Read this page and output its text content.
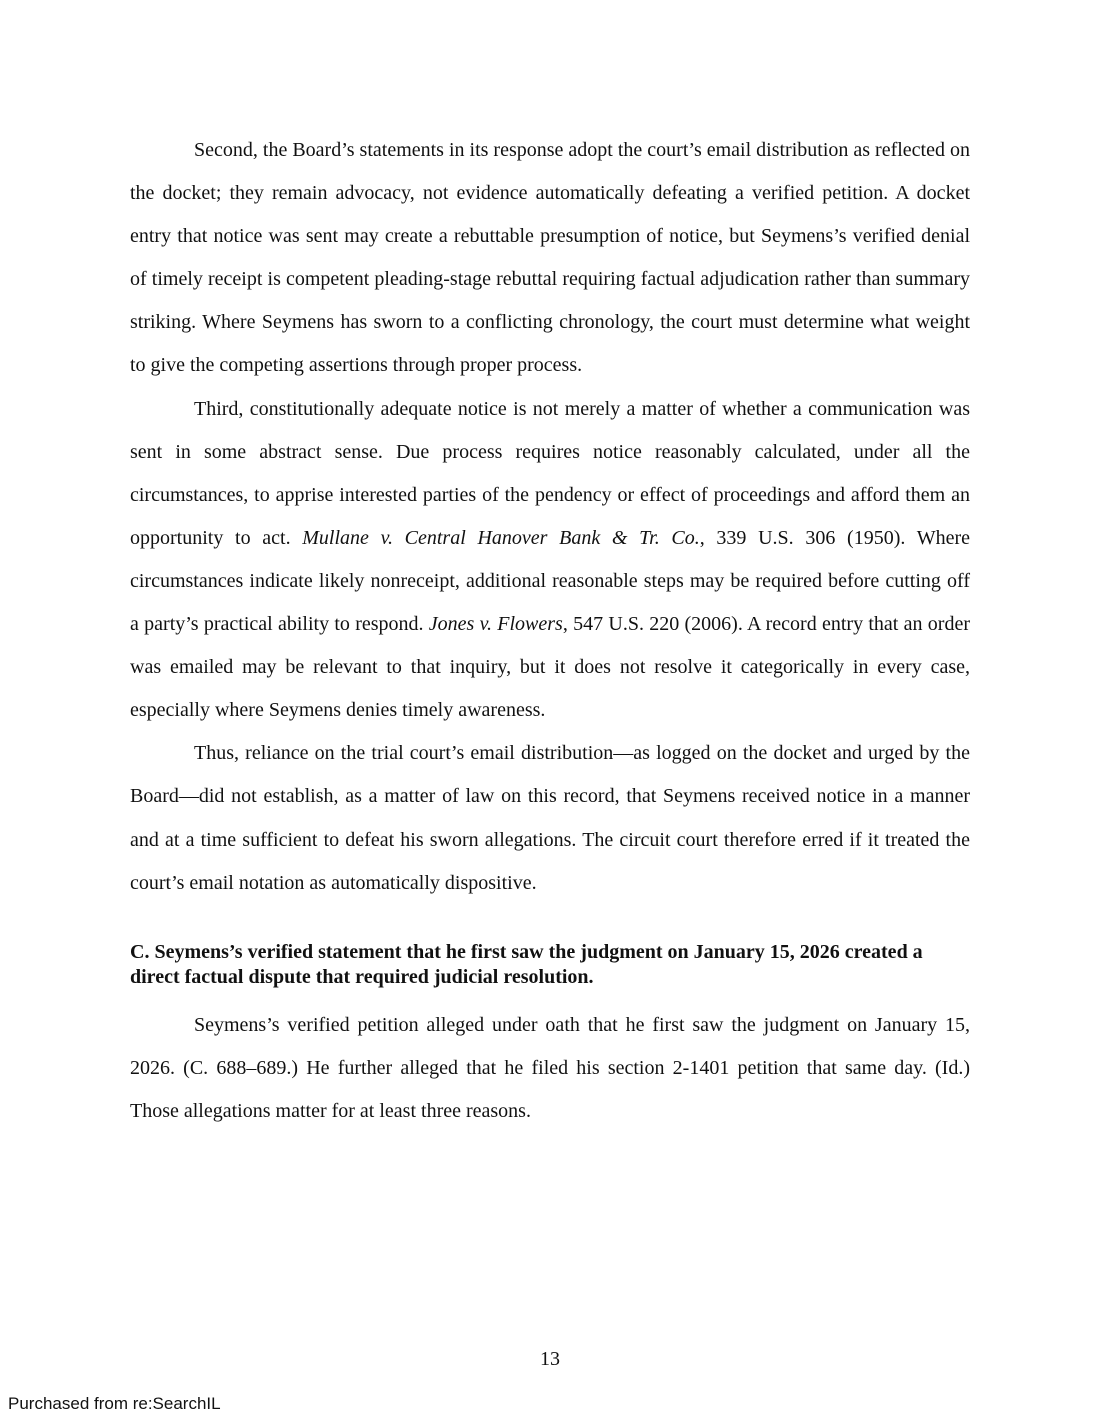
Second, the Board’s statements in its response adopt the court’s email distribution as reflected on the docket; they remain advocacy, not evidence automatically defeating a verified petition. A docket entry that notice was sent may create a rebuttable presumption of notice, but Seymens’s verified denial of timely receipt is competent pleading-stage rebuttal requiring factual adjudication rather than summary striking. Where Seymens has sworn to a conflicting chronology, the court must determine what weight to give the competing assertions through proper process.

Third, constitutionally adequate notice is not merely a matter of whether a communication was sent in some abstract sense. Due process requires notice reasonably calculated, under all the circumstances, to apprise interested parties of the pendency or effect of proceedings and afford them an opportunity to act. Mullane v. Central Hanover Bank & Tr. Co., 339 U.S. 306 (1950). Where circumstances indicate likely nonreceipt, additional reasonable steps may be required before cutting off a party’s practical ability to respond. Jones v. Flowers, 547 U.S. 220 (2006). A record entry that an order was emailed may be relevant to that inquiry, but it does not resolve it categorically in every case, especially where Seymens denies timely awareness.

Thus, reliance on the trial court’s email distribution—as logged on the docket and urged by the Board—did not establish, as a matter of law on this record, that Seymens received notice in a manner and at a time sufficient to defeat his sworn allegations. The circuit court therefore erred if it treated the court’s email notation as automatically dispositive.

C. Seymens’s verified statement that he first saw the judgment on January 15, 2026 created a direct factual dispute that required judicial resolution.

Seymens’s verified petition alleged under oath that he first saw the judgment on January 15, 2026. (C. 688–689.) He further alleged that he filed his section 2-1401 petition that same day. (Id.) Those allegations matter for at least three reasons.

13
Purchased from re:SearchIL
